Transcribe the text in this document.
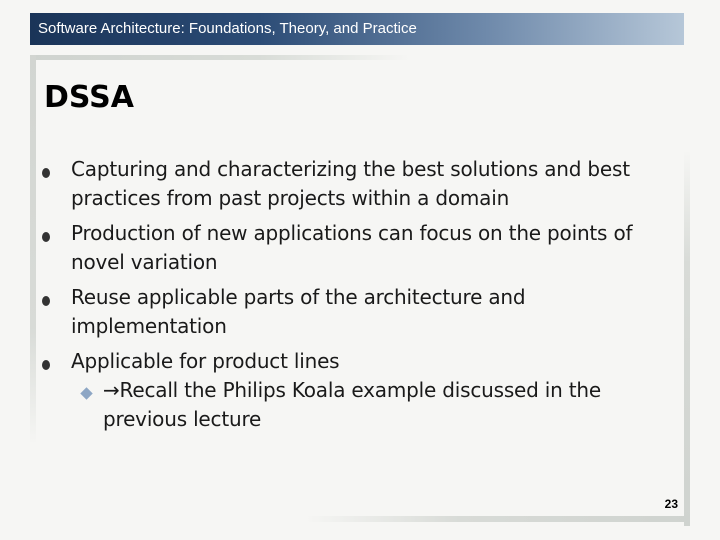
Software Architecture: Foundations, Theory, and Practice
DSSA
Capturing and characterizing the best solutions and best practices from past projects within a domain
Production of new applications can focus on the points of novel variation
Reuse applicable parts of the architecture and implementation
Applicable for product lines
→Recall the Philips Koala example discussed in the previous lecture
23
